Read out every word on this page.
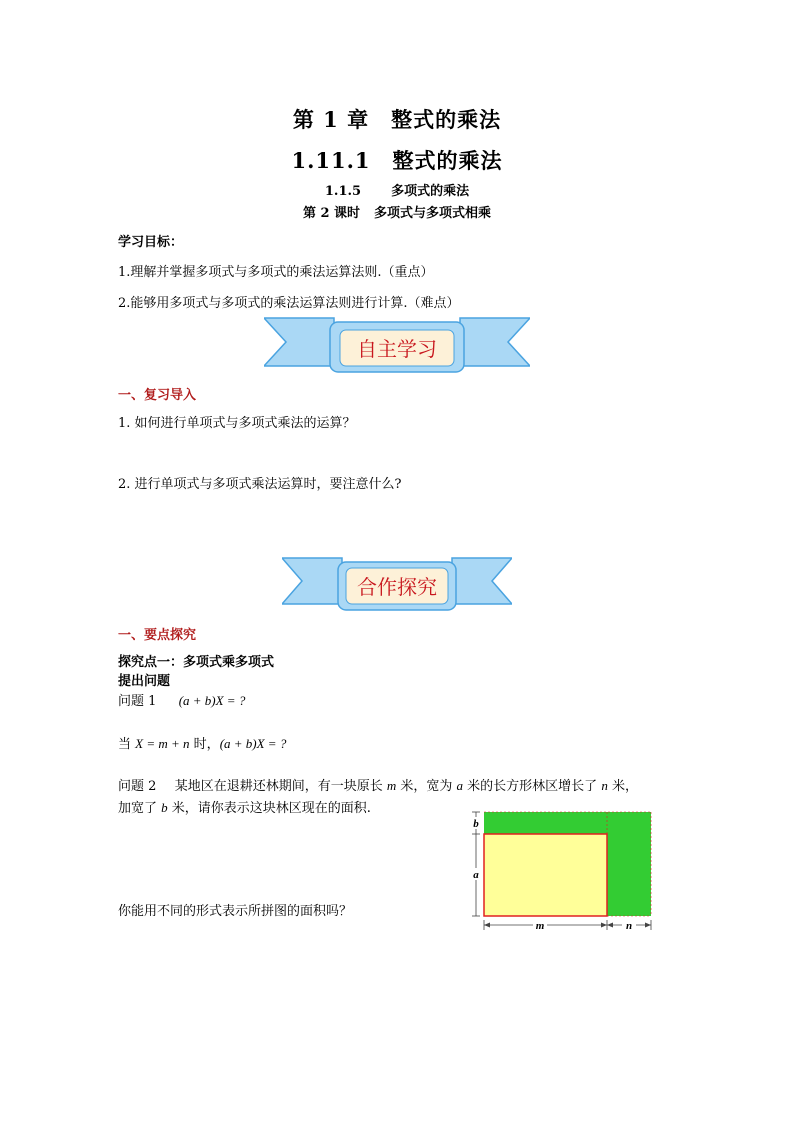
第 1 章　整式的乘法
1.11.1　整式的乘法
1.1.5 多项式的乘法
第 2 课时 多项式与多项式相乘
学习目标：
1.理解并掌握多项式与多项式的乘法运算法则.（重点）
2.能够用多项式与多项式的乘法运算法则进行计算.（难点）
自主学习
一、复习导入
1. 如何进行单项式与多项式乘法的运算？
2. 进行单项式与多项式乘法运算时，要注意什么?
合作探究
一、要点探究
探究点一：多项式乘多项式
提出问题
问题 1 (a + b)X = ?
当 X = m + n 时，(a + b)X = ?
问题 2 某地区在退耕还林期间，有一块原长 m 米，宽为 a 米的长方形林区增长了 n 米，
加宽了 b 米，请你表示这块林区现在的面积.
你能用不同的形式表示所拼图的面积吗？
b
a
m	n
